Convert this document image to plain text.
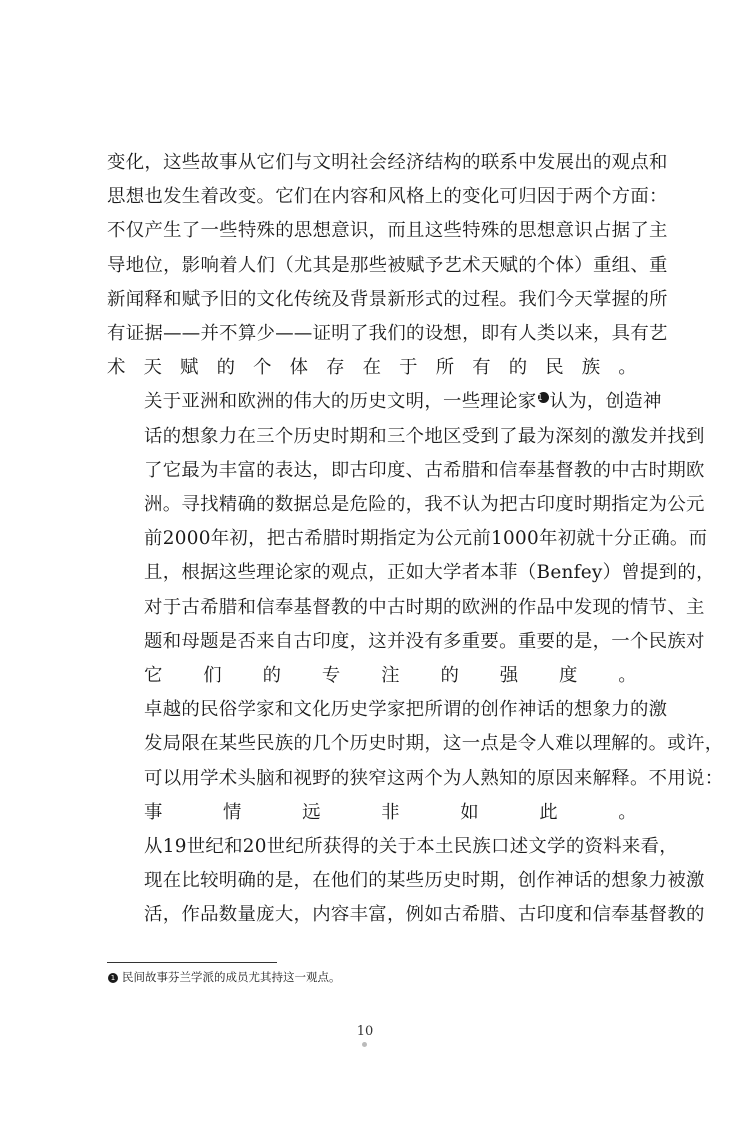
变化，这些故事从它们与文明社会经济结构的联系中发展出的观点和
思想也发生着改变。它们在内容和风格上的变化可归因于两个方面：
不仅产生了一些特殊的思想意识，而且这些特殊的思想意识占据了主
导地位，影响着人们（尤其是那些被赋予艺术天赋的个体）重组、重
新闻释和赋予旧的文化传统及背景新形式的过程。我们今天掌握的所
有证据——并不算少——证明了我们的设想，即有人类以来，具有艺
术天赋的个体存在于所有的民族。

关于亚洲和欧洲的伟大的历史文明，一些理论家1 认为，创造神
话的想象力在三个历史时期和三个地区受到了最为深刻的激发并找到
了它最为丰富的表达，即古印度、古希腊和信奉基督教的中古时期欧
洲。寻找精确的数据总是危险的，我不认为把古印度时期指定为公元
前2000年初，把古希腊时期指定为公元前1000年初就十分正确。而
且，根据这些理论家的观点，正如大学者本菲（Benfey）曾提到的，
对于古希腊和信奉基督教的中古时期的欧洲的作品中发现的情节、主
题和母题是否来自古印度，这并没有多重要。重要的是，一个民族对
它们的专注的强度。

卓越的民俗学家和文化历史学家把所谓的创作神话的想象力的激
发局限在某些民族的几个历史时期，这一点是令人难以理解的。或许，
可以用学术头脑和视野的狭窄这两个为人熟知的原因来解释。不用说：
事情远非如此。

从19世纪和20世纪所获得的关于本土民族口述文学的资料来看，
现在比较明确的是，在他们的某些历史时期，创作神话的想象力被激
活，作品数量庞大，内容丰富，例如古希腊、古印度和信奉基督教的

1 民间故事芬兰学派的成员尤其持这一观点。
10
